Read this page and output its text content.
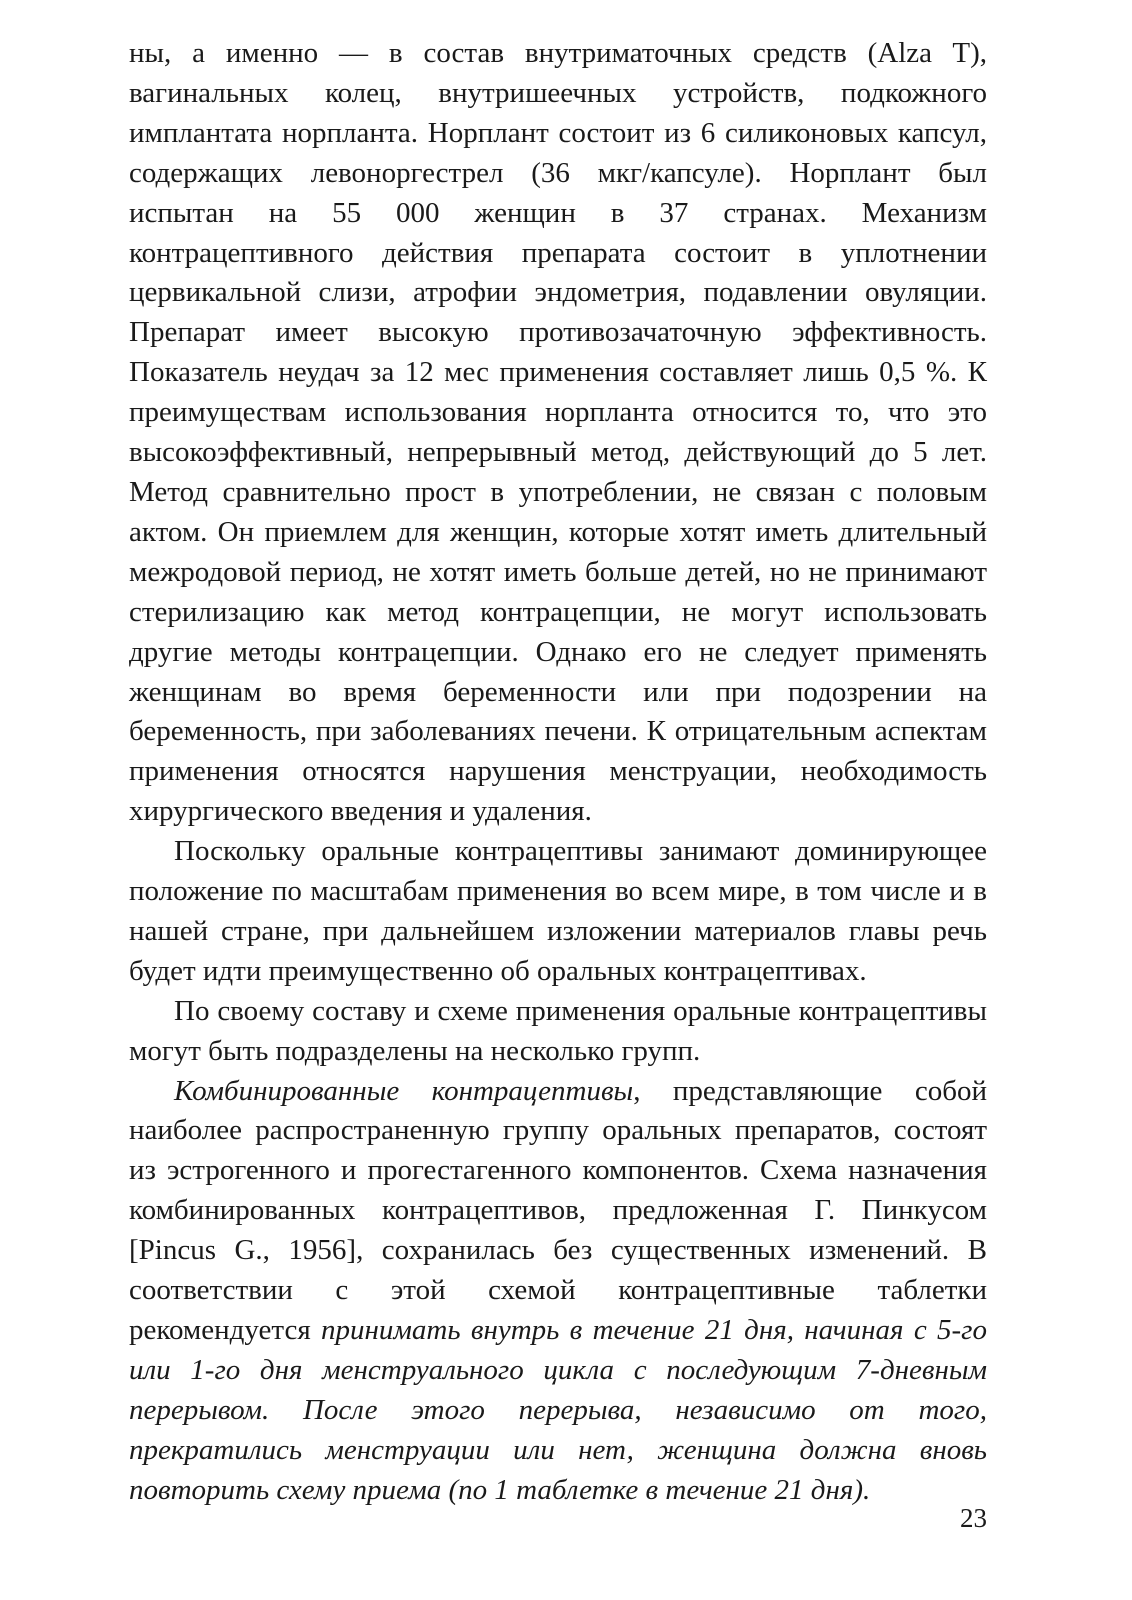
ны, а именно — в состав внутриматочных средств (Alza T), вагинальных колец, внутришеечных устройств, подкожного имплантата норпланта. Норплант состоит из 6 силиконовых капсул, содержащих левоноргестрел (36 мкг/капсуле). Норплант был испытан на 55 000 женщин в 37 странах. Механизм контрацептивного действия препарата состоит в уплотнении цервикальной слизи, атрофии эндометрия, подавлении овуляции. Препарат имеет высокую противозачаточную эффективность. Показатель неудач за 12 мес применения составляет лишь 0,5 %. К преимуществам использования норпланта относится то, что это высокоэффективный, непрерывный метод, действующий до 5 лет. Метод сравнительно прост в употреблении, не связан с половым актом. Он приемлем для женщин, которые хотят иметь длительный межродовой период, не хотят иметь больше детей, но не принимают стерилизацию как метод контрацепции, не могут использовать другие методы контрацепции. Однако его не следует применять женщинам во время беременности или при подозрении на беременность, при заболеваниях печени. К отрицательным аспектам применения относятся нарушения менструации, необходимость хирургического введения и удаления.

Поскольку оральные контрацептивы занимают доминирующее положение по масштабам применения во всем мире, в том числе и в нашей стране, при дальнейшем изложении материалов главы речь будет идти преимущественно об оральных контрацептивах.

По своему составу и схеме применения оральные контрацептивы могут быть подразделены на несколько групп.

Комбинированные контрацептивы, представляющие собой наиболее распространенную группу оральных препаратов, состоят из эстрогенного и прогестагенного компонентов. Схема назначения комбинированных контрацептивов, предложенная Г. Пинкусом [Pincus G., 1956], сохранилась без существенных изменений. В соответствии с этой схемой контрацептивные таблетки рекомендуется принимать внутрь в течение 21 дня, начиная с 5-го или 1-го дня менструального цикла с последующим 7-дневным перерывом. После этого перерыва, независимо от того, прекратились менструации или нет, женщина должна вновь повторить схему приема (по 1 таблетке в течение 21 дня).

23
